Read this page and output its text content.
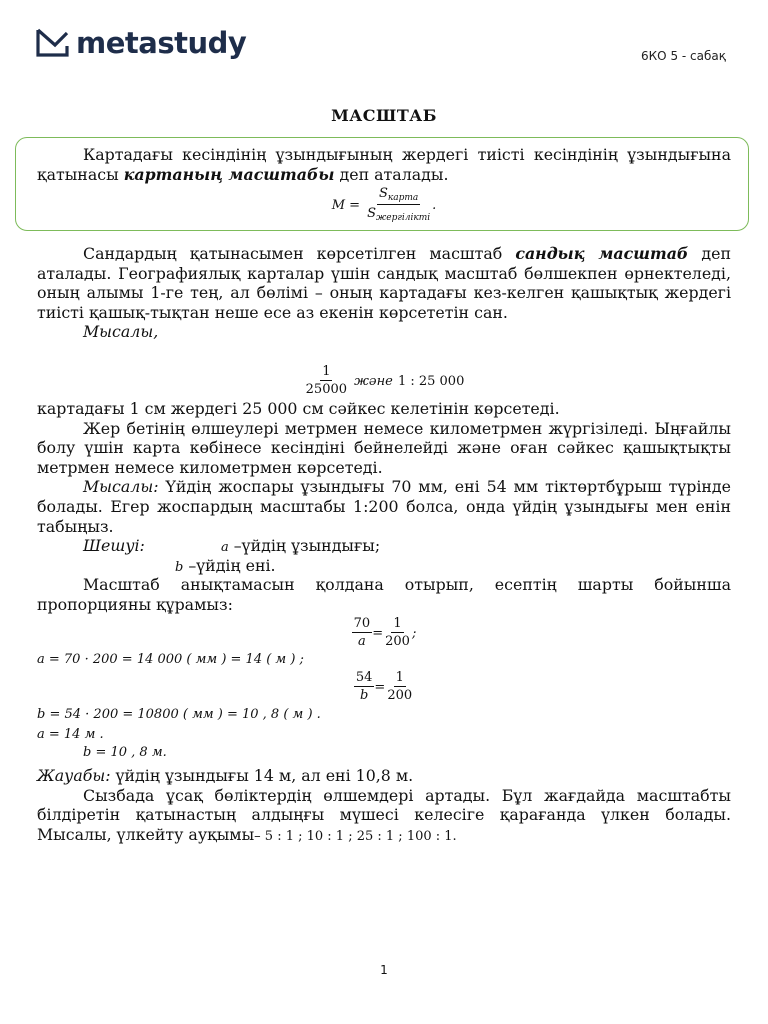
metastudy	6КО 5 - сабақ
МАСШТАБ

Картадағы кесіндінің ұзындығының жердегі тиісті кесіндінің ұзындығына қатынасы картаның масштабы деп аталады.

$M = \frac{S_{карта}}{S_{жергілікті}}$ .

Сандардың қатынасымен көрсетілген масштаб сандық масштаб деп аталады. Географиялық карталар үшін сандық масштаб бөлшекпен өрнектеледі, оның алымы 1-ге тең, ал бөлімі – оның картадағы кез-келген қашықтық жердегі тиісті қашық-тықтан неше есе аз екенін көрсететін сан.

Мысалы,

$\frac{1}{25000}$ және 1 : 25 000

картадағы 1 см жердегі 25 000 см сәйкес келетінін көрсетеді.

Жер бетінің өлшеулері метрмен немесе километрмен жүргізіледі. Ыңғайлы болу үшін карта көбінесе кесіндіні бейнелейді және оған сәйкес қашықтықты метрмен немесе километрмен көрсетеді.

Мысалы: Үйдің жоспары ұзындығы 70 мм, ені 54 мм тіктөртбұрыш түрінде болады. Егер жоспардың масштабы 1:200 болса, онда үйдің ұзындығы мен енін табыңыз.

Шешуі:	a –үйдің ұзындығы;

b –үйдің ені.

Масштаб анықтамасын қолдана отырып, есептің шарты бойынша пропорцияны құрамыз:

$\frac{70}{a} = \frac{1}{200}$ ;
a = 70 · 200 = 14 000 ( мм ) = 14 ( м ) ;
$\frac{54}{b} = \frac{1}{200}$
b = 54 · 200 = 10800 ( мм ) = 10 , 8 ( м ) .
a = 14 м .
b = 10 , 8 м.

Жауабы: үйдің ұзындығы 14 м, ал ені 10,8 м.

Сызбада ұсақ бөліктердің өлшемдері артады. Бұл жағдайда масштабты білдіретін қатынастың алдыңғы мүшесі келесіге қарағанда үлкен болады. Мысалы, үлкейту ауқымы– 5 : 1 ; 10 : 1 ; 25 : 1 ; 100 : 1.

1
